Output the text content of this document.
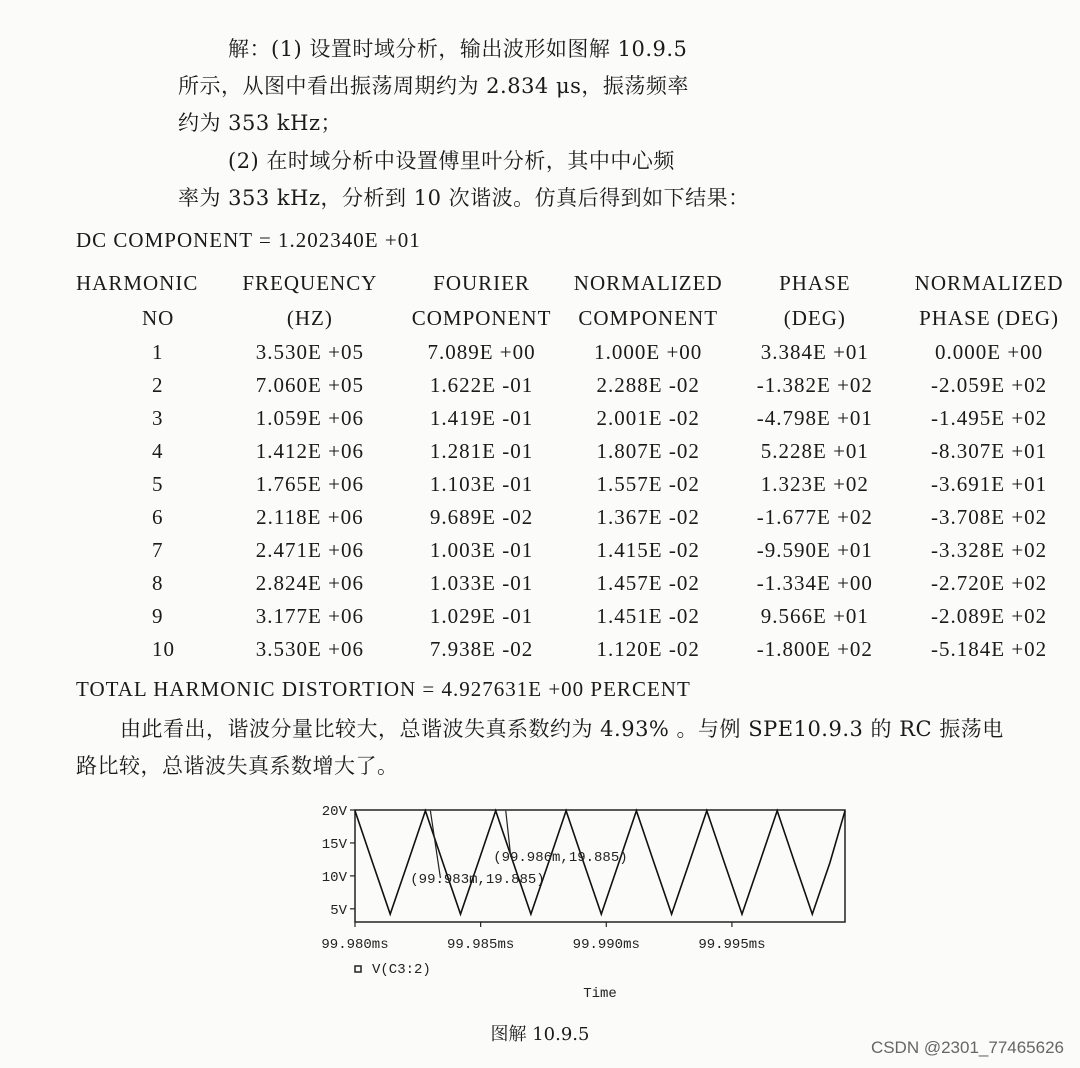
解：(1) 设置时域分析，输出波形如图解 10.9.5
所示，从图中看出振荡周期约为 2.834 μs，振荡频率
约为 353 kHz；
(2) 在时域分析中设置傅里叶分析，其中中心频
率为 353 kHz，分析到 10 次谐波。仿真后得到如下结果：
DC COMPONENT = 1.202340E +01
HARMONIC	FREQUENCY	FOURIER	NORMALIZED	PHASE	NORMALIZED
NO	(HZ)	COMPONENT	COMPONENT	(DEG)	PHASE (DEG)
1	3.530E +05	7.089E +00	1.000E +00	3.384E +01	0.000E +00
2	7.060E +05	1.622E -01	2.288E -02	-1.382E +02	-2.059E +02
3	1.059E +06	1.419E -01	2.001E -02	-4.798E +01	-1.495E +02
4	1.412E +06	1.281E -01	1.807E -02	5.228E +01	-8.307E +01
5	1.765E +06	1.103E -01	1.557E -02	1.323E +02	-3.691E +01
6	2.118E +06	9.689E -02	1.367E -02	-1.677E +02	-3.708E +02
7	2.471E +06	1.003E -01	1.415E -02	-9.590E +01	-3.328E +02
8	2.824E +06	1.033E -01	1.457E -02	-1.334E +00	-2.720E +02
9	3.177E +06	1.029E -01	1.451E -02	9.566E +01	-2.089E +02
10	3.530E +06	7.938E -02	1.120E -02	-1.800E +02	-5.184E +02
TOTAL HARMONIC DISTORTION = 4.927631E +00 PERCENT
由此看出，谐波分量比较大，总谐波失真系数约为 4.93% 。与例 SPE10.9.3 的 RC 振荡电
路比较，总谐波失真系数增大了。
5V
10V
15V
20V
99.980ms	99.985ms	99.990ms	99.995ms
(99.983m,19.885)
(99.986m,19.885)
V(C3:2)
Time
图解 10.9.5
CSDN @2301_77465626
